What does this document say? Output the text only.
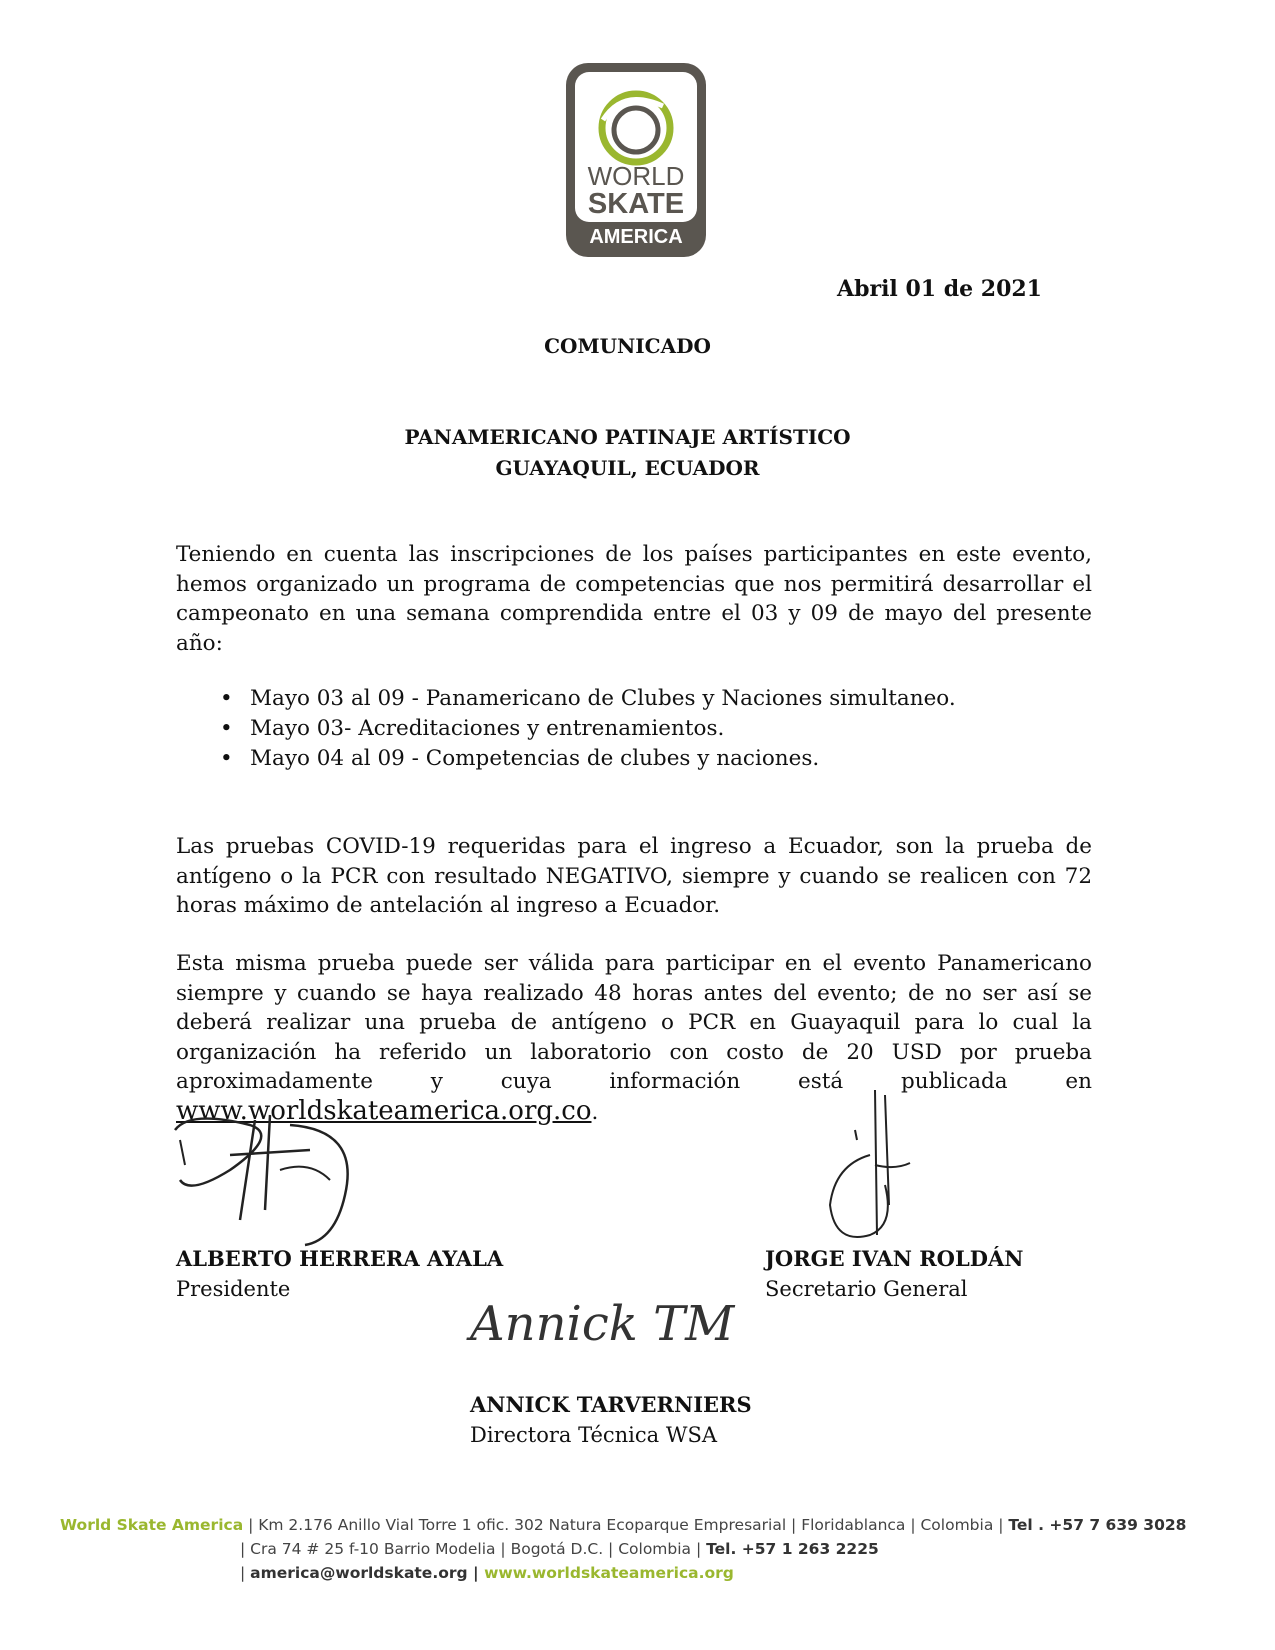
WORLD
SKATE
AMERICA
Abril 01 de 2021
COMUNICADO
PANAMERICANO PATINAJE ARTÍSTICO
GUAYAQUIL, ECUADOR
Teniendo en cuenta las inscripciones de los países participantes en este evento, hemos organizado un programa de competencias que nos permitirá desarrollar el campeonato en una semana comprendida entre el 03 y 09 de mayo del presente año:
• Mayo 03 al 09 - Panamericano de Clubes y Naciones simultaneo.
• Mayo 03- Acreditaciones y entrenamientos.
• Mayo 04 al 09 - Competencias de clubes y naciones.
Las pruebas COVID-19 requeridas para el ingreso a Ecuador, son la prueba de antígeno o la PCR con resultado NEGATIVO, siempre y cuando se realicen con 72 horas máximo de antelación al ingreso a Ecuador.
Esta misma prueba puede ser válida para participar en el evento Panamericano siempre y cuando se haya realizado 48 horas antes del evento; de no ser así se deberá realizar una prueba de antígeno o PCR en Guayaquil para lo cual la organización ha referido un laboratorio con costo de 20 USD por prueba aproximadamente y cuya información está publicada en www.worldskateamerica.org.co.
Annick TM
ALBERTO HERRERA AYALA
Presidente
JORGE IVAN ROLDÁN
Secretario General
ANNICK TARVERNIERS
Directora Técnica WSA
World Skate America | Km 2.176 Anillo Vial Torre 1 ofic. 302 Natura Ecoparque Empresarial | Floridablanca | Colombia | Tel . +57 7 639 3028
| Cra 74 # 25 f-10 Barrio Modelia | Bogotá D.C. | Colombia | Tel. +57 1 263 2225
| america@worldskate.org | www.worldskateamerica.org
